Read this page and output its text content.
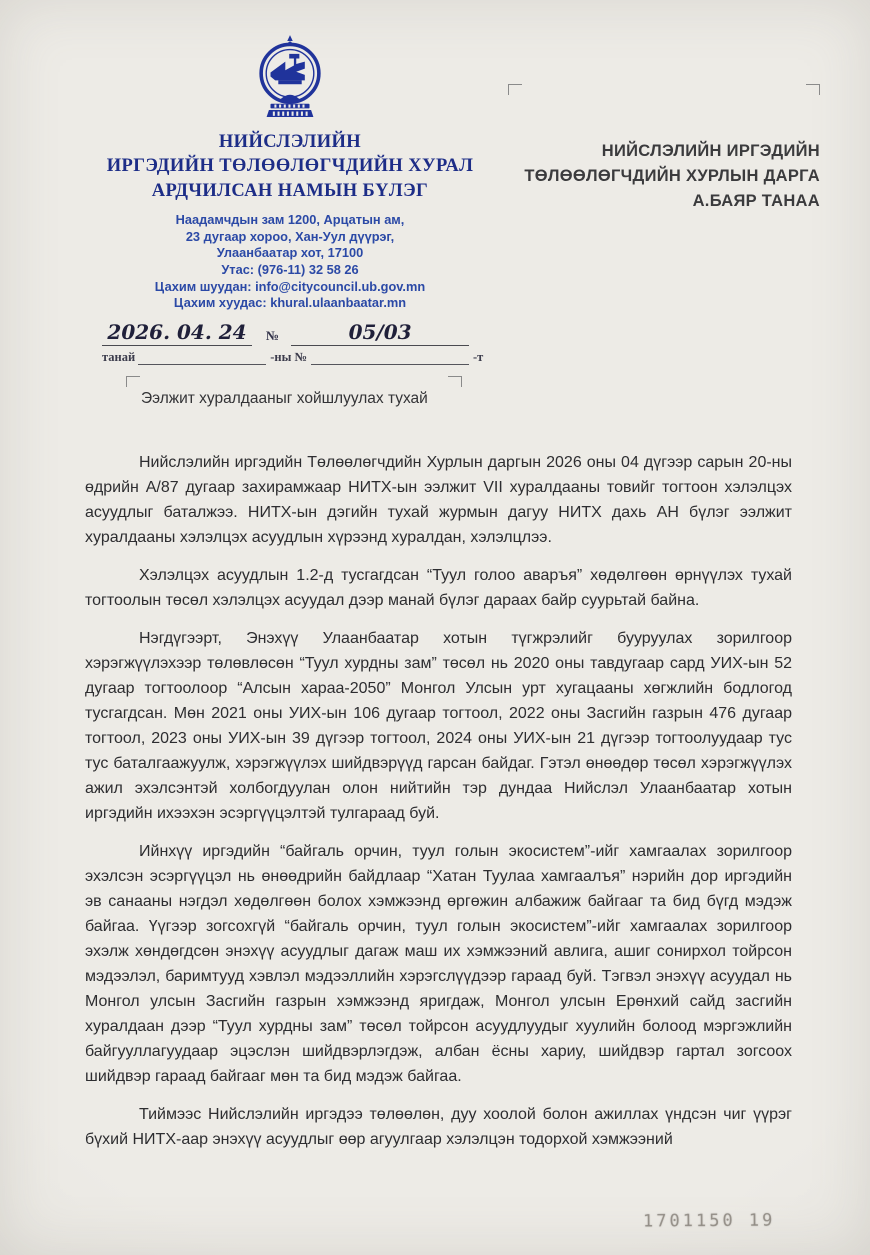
НИЙСЛЭЛИЙН
ИРГЭДИЙН ТӨЛӨӨЛӨГЧДИЙН ХУРАЛ
АРДЧИЛСАН НАМЫН БҮЛЭГ
Наадамчдын зам 1200, Арцатын ам,
23 дугаар хороо, Хан-Уул дүүрэг,
Улаанбаатар хот, 17100
Утас: (976-11) 32 58 26
Цахим шуудан: info@citycouncil.ub.gov.mn
Цахим хуудас: khural.ulaanbaatar.mn
2026. 04. 24	№	05/03
танай	-ны №	-т
НИЙСЛЭЛИЙН ИРГЭДИЙН
ТӨЛӨӨЛӨГЧДИЙН ХУРЛЫН ДАРГА
А.БАЯР ТАНАА
Ээлжит хуралдааныг хойшлуулах тухай

Нийслэлийн иргэдийн Төлөөлөгчдийн Хурлын даргын 2026 оны 04 дүгээр сарын 20-ны өдрийн А/87 дугаар захирамжаар НИТХ-ын ээлжит VII хуралдааны товийг тогтоон хэлэлцэх асуудлыг баталжээ. НИТХ-ын дэгийн тухай журмын дагуу НИТХ дахь АН бүлэг ээлжит хуралдааны хэлэлцэх асуудлын хүрээнд хуралдан, хэлэлцлээ.

Хэлэлцэх асуудлын 1.2-д тусгагдсан “Туул голоо аваръя” хөдөлгөөн өрнүүлэх тухай тогтоолын төсөл хэлэлцэх асуудал дээр манай бүлэг дараах байр суурьтай байна.

Нэгдүгээрт, Энэхүү Улаанбаатар хотын түгжрэлийг бууруулах зорилгоор хэрэгжүүлэхээр төлөвлөсөн “Туул хурдны зам” төсөл нь 2020 оны тавдугаар сард УИХ-ын 52 дугаар тогтоолоор “Алсын хараа-2050” Монгол Улсын урт хугацааны хөгжлийн бодлогод тусгагдсан. Мөн 2021 оны УИХ-ын 106 дугаар тогтоол, 2022 оны Засгийн газрын 476 дугаар тогтоол, 2023 оны УИХ-ын 39 дүгээр тогтоол, 2024 оны УИХ-ын 21 дүгээр тогтоолуудаар тус тус баталгаажуулж, хэрэгжүүлэх шийдвэрүүд гарсан байдаг. Гэтэл өнөөдөр төсөл хэрэгжүүлэх ажил эхэлсэнтэй холбогдуулан олон нийтийн тэр дундаа Нийслэл Улаанбаатар хотын иргэдийн ихээхэн эсэргүүцэлтэй тулгараад буй.

Ийнхүү иргэдийн “байгаль орчин, туул голын экосистем”-ийг хамгаалах зорилгоор эхэлсэн эсэргүүцэл нь өнөөдрийн байдлаар “Хатан Туулаа хамгаалъя” нэрийн дор иргэдийн эв санааны нэгдэл хөдөлгөөн болох хэмжээнд өргөжин албажиж байгааг та бид бүгд мэдэж байгаа. Үүгээр зогсохгүй “байгаль орчин, туул голын экосистем”-ийг хамгаалах зорилгоор эхэлж хөндөгдсөн энэхүү асуудлыг дагаж маш их хэмжээний авлига, ашиг сонирхол тойрсон мэдээлэл, баримтууд хэвлэл мэдээллийн хэрэгслүүдээр гараад буй. Тэгвэл энэхүү асуудал нь Монгол улсын Засгийн газрын хэмжээнд яригдаж, Монгол улсын Ерөнхий сайд засгийн хуралдаан дээр “Туул хурдны зам” төсөл тойрсон асуудлуудыг хуулийн болоод мэргэжлийн байгууллагуудаар эцэслэн шийдвэрлэгдэж, албан ёсны хариу, шийдвэр гартал зогсоох шийдвэр гараад байгааг мөн та бид мэдэж байгаа.

Тиймээс Нийслэлийн иргэдээ төлөөлөн, дуу хоолой болон ажиллах үндсэн чиг үүрэг бүхий НИТХ-аар энэхүү асуудлыг өөр агуулгаар хэлэлцэн тодорхой хэмжээний

1701150 19
